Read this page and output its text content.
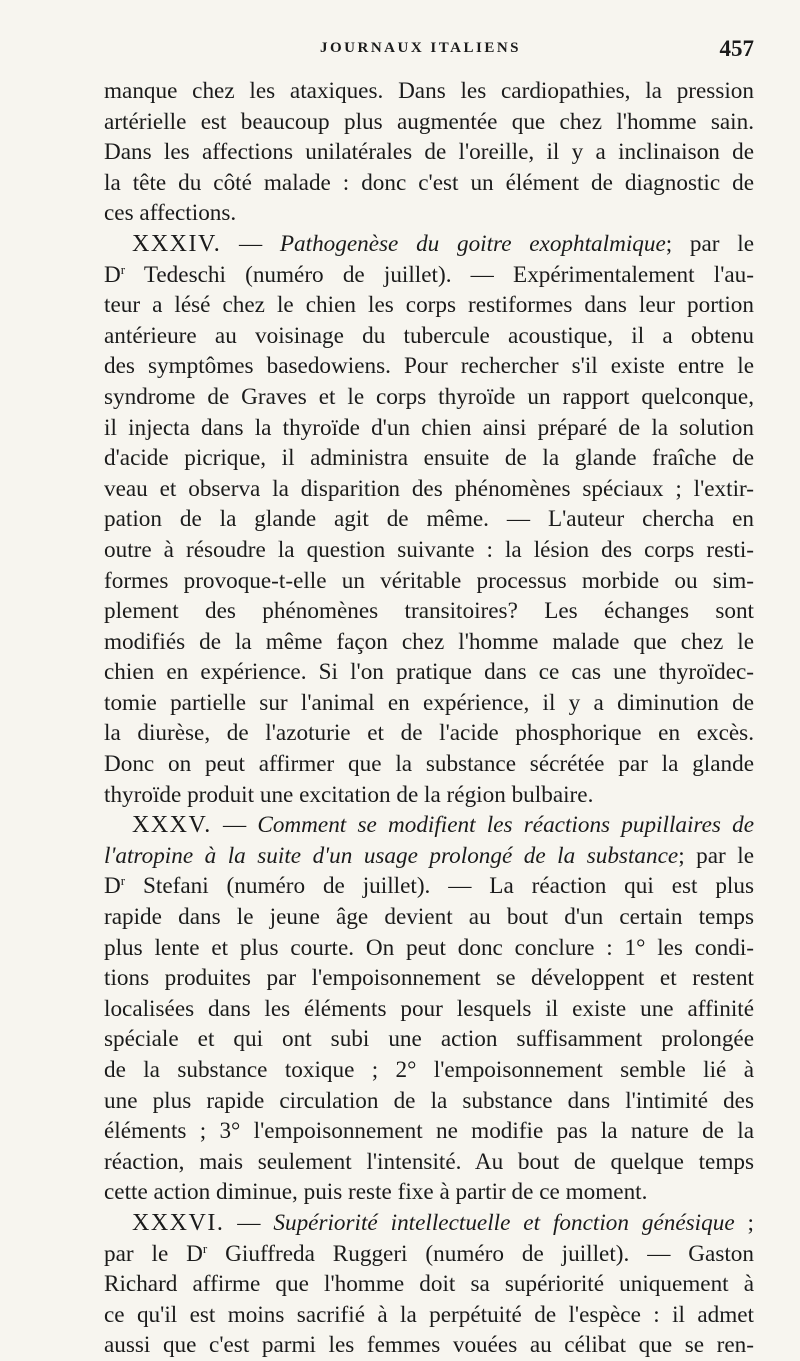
JOURNAUX ITALIENS	457
manque chez les ataxiques. Dans les cardiopathies, la pression
artérielle est beaucoup plus augmentée que chez l'homme sain.
Dans les affections unilatérales de l'oreille, il y a inclinaison de
la tête du côté malade : donc c'est un élément de diagnostic de
ces affections.
XXXIV. — Pathogenèse du goitre exophtalmique; par le
$D^r$ Tedeschi (numéro de juillet). — Expérimentalement l'au-
teur a lésé chez le chien les corps restiformes dans leur portion
antérieure au voisinage du tubercule acoustique, il a obtenu
des symptômes basedowiens. Pour rechercher s'il existe entre le
syndrome de Graves et le corps thyroïde un rapport quelconque,
il injecta dans la thyroïde d'un chien ainsi préparé de la solution
d'acide picrique, il administra ensuite de la glande fraîche de
veau et observa la disparition des phénomènes spéciaux ; l'extir-
pation de la glande agit de même. — L'auteur chercha en
outre à résoudre la question suivante : la lésion des corps resti-
formes provoque-t-elle un véritable processus morbide ou sim-
plement des phénomènes transitoires? Les échanges sont
modifiés de la même façon chez l'homme malade que chez le
chien en expérience. Si l'on pratique dans ce cas une thyroïdec-
tomie partielle sur l'animal en expérience, il y a diminution de
la diurèse, de l'azoturie et de l'acide phosphorique en excès.
Donc on peut affirmer que la substance sécrétée par la glande
thyroïde produit une excitation de la région bulbaire.
XXXV. — Comment se modifient les réactions pupillaires de
l'atropine à la suite d'un usage prolongé de la substance; par le
$D^r$ Stefani (numéro de juillet). — La réaction qui est plus
rapide dans le jeune âge devient au bout d'un certain temps
plus lente et plus courte. On peut donc conclure : 1° les condi-
tions produites par l'empoisonnement se développent et restent
localisées dans les éléments pour lesquels il existe une affinité
spéciale et qui ont subi une action suffisamment prolongée
de la substance toxique ; 2° l'empoisonnement semble lié à
une plus rapide circulation de la substance dans l'intimité des
éléments ; 3° l'empoisonnement ne modifie pas la nature de la
réaction, mais seulement l'intensité. Au bout de quelque temps
cette action diminue, puis reste fixe à partir de ce moment.
XXXVI. — Supériorité intellectuelle et fonction génésique ;
par le $D^r$ Giuffreda Ruggeri (numéro de juillet). — Gaston
Richard affirme que l'homme doit sa supériorité uniquement à
ce qu'il est moins sacrifié à la perpétuité de l'espèce : il admet
aussi que c'est parmi les femmes vouées au célibat que se ren-
